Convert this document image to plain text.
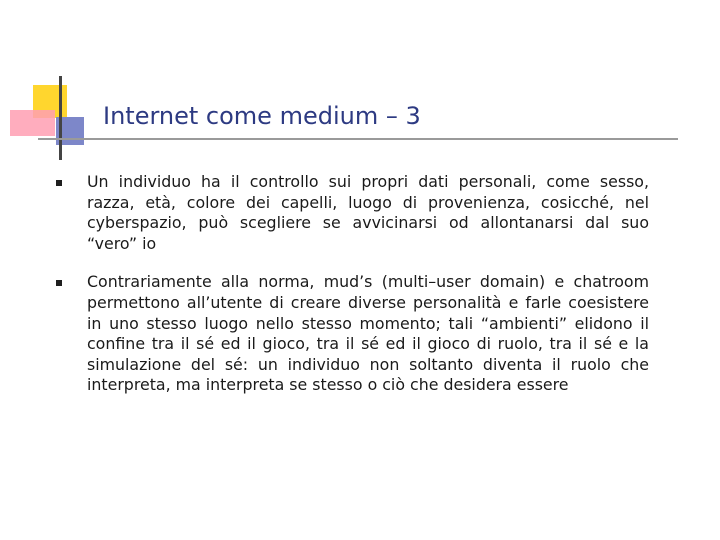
Internet come medium – 3
Un individuo ha il controllo sui propri dati personali, come sesso, razza, età, colore dei capelli, luogo di provenienza, cosicché, nel cyberspazio, può scegliere se avvicinarsi od allontanarsi dal suo “vero” io
Contrariamente alla norma, mud’s (multi–user domain) e chatroom permettono all’utente di creare diverse personalità e farle coesistere in uno stesso luogo nello stesso momento; tali “ambienti” elidono il confine tra il sé ed il gioco, tra il sé ed il gioco di ruolo, tra il sé e la simulazione del sé: un individuo non soltanto diventa il ruolo che interpreta, ma interpreta se stesso o ciò che desidera essere
